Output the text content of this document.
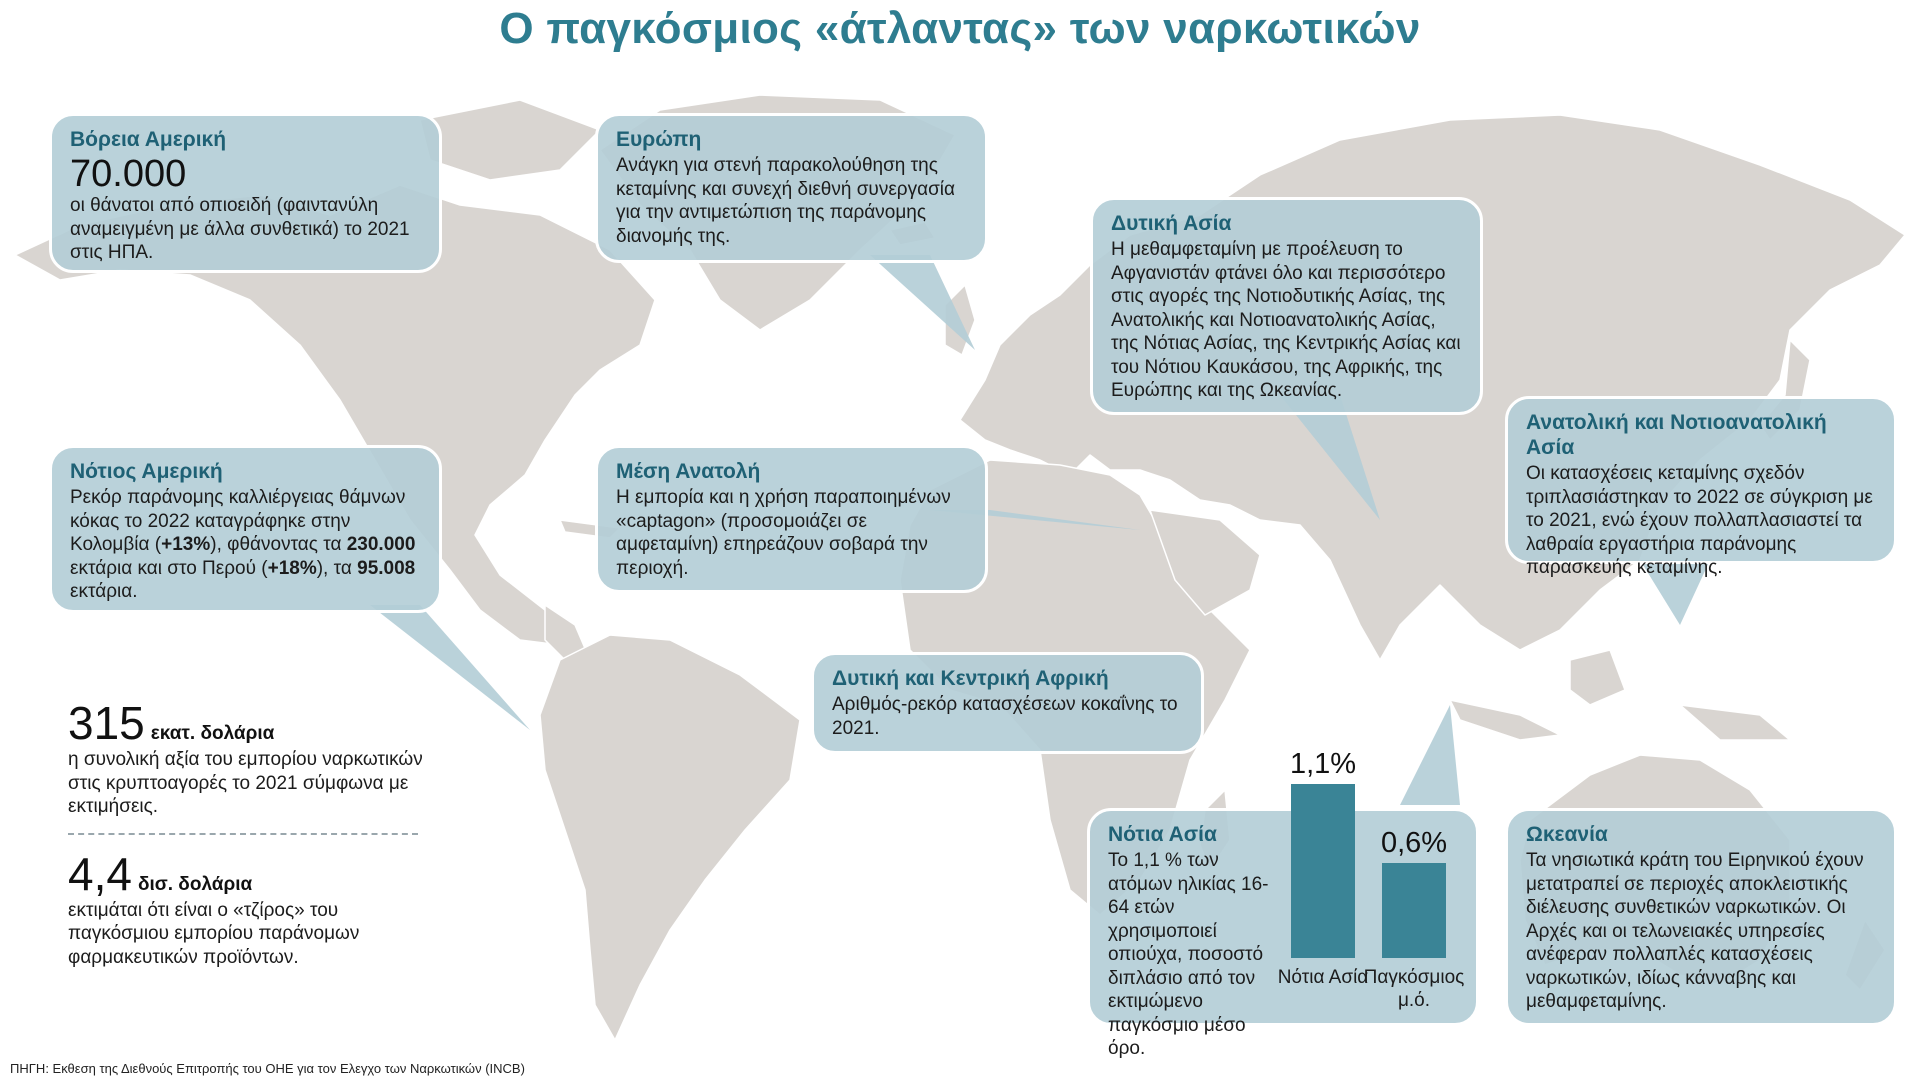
Ο παγκόσμιος «άτλαντας» των ναρκωτικών
Βόρεια Αμερική
70.000

οι θάνατοι από οπιοειδή (φαιντανύλη αναμειγμένη με άλλα συνθετικά) το 2021 στις ΗΠΑ.

Ευρώπη

Ανάγκη για στενή παρακολούθηση της κεταμίνης και συνεχή διεθνή συνεργασία για την αντιμετώπιση της παράνομης διανομής της.

Δυτική Ασία

Η μεθαμφεταμίνη με προέλευση το Αφγανιστάν φτάνει όλο και περισσότερο στις αγορές της Νοτιοδυτικής Ασίας, της Ανατολικής και Νοτιοανατολικής Ασίας, της Νότιας Ασίας, της Κεντρικής Ασίας και του Νότιου Καυκάσου, της Αφρικής, της Ευρώπης και της Ωκεανίας.

Ανατολική και Νοτιοανατολική Ασία

Οι κατασχέσεις κεταμίνης σχεδόν τριπλασιάστηκαν το 2022 σε σύγκριση με το 2021, ενώ έχουν πολλαπλασιαστεί τα λαθραία εργαστήρια παράνομης παρασκευής κεταμίνης.

Νότιος Αμερική

Ρεκόρ παράνομης καλλιέργειας θάμνων κόκας το 2022 καταγράφηκε στην Κολομβία (+13%), φθάνοντας τα 230.000 εκτάρια και στο Περού (+18%), τα 95.008 εκτάρια.

Μέση Ανατολή

Η εμπορία και η χρήση παραποιημένων «captagon» (προσομοιάζει σε αμφεταμίνη) επηρεάζουν σοβαρά την περιοχή.

Δυτική και Κεντρική Αφρική

Αριθμός-ρεκόρ κατασχέσεων κοκαΐνης το 2021.

Νότια Ασία

Το 1,1 % των ατόμων ηλικίας 16-64 ετών χρησιμοποιεί οπιούχα, ποσοστό διπλάσιο από τον εκτιμώμενο παγκόσμιο μέσο όρο.

1,1%
Νότια Ασία
0,6%
Παγκόσμιος μ.ό.
Ωκεανία

Τα νησιωτικά κράτη του Ειρηνικού έχουν μετατραπεί σε περιοχές αποκλειστικής διέλευσης συνθετικών ναρκωτικών. Οι Αρχές και οι τελωνειακές υπηρεσίες ανέφεραν πολλαπλές κατασχέσεις ναρκωτικών, ιδίως κάνναβης και μεθαμφεταμίνης.

315 εκατ. δολάρια

η συνολική αξία του εμπορίου ναρκωτικών στις κρυπτοαγορές το 2021 σύμφωνα με εκτιμήσεις.

4,4 δισ. δολάρια

εκτιμάται ότι είναι ο «τζίρος» του παγκόσμιου εμπορίου παράνομων φαρμακευτικών προϊόντων.

ΠΗΓΗ: Εκθεση της Διεθνούς Επιτροπής του ΟΗΕ για τον Ελεγχο των Ναρκωτικών (INCB)
